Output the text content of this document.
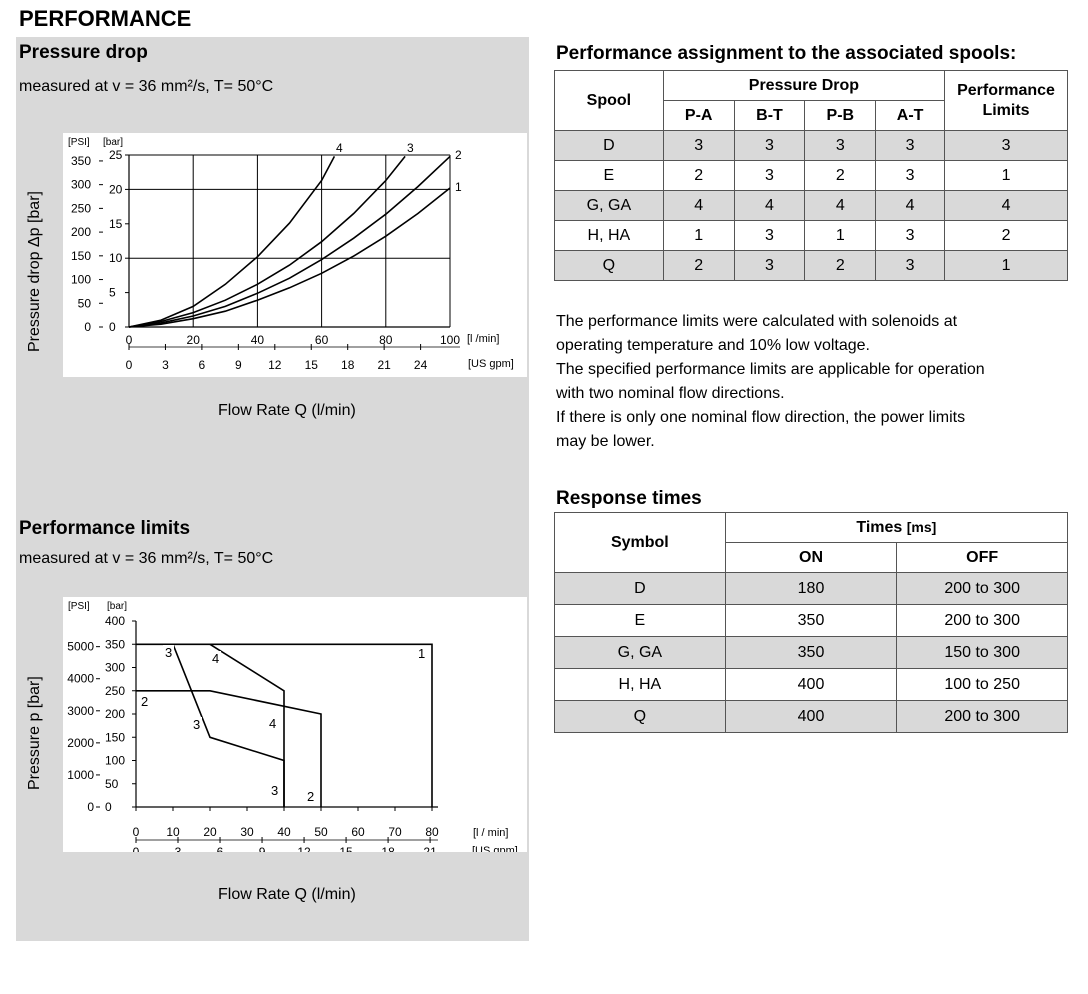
PERFORMANCE
Pressure drop
measured at v = 36 mm²/s, T= 50°C
0	20	40	60	80	100
0
5
10
15
20
25
0
50
100
150
200
250
300
350
0 3 6 9 12 15 18 21 24
[PSI] [bar]
[l /min]
[US gpm]
1
2
3
4
Pressure drop Δp [bar]
Flow Rate Q (l/min)
Performance limits
measured at v = 36 mm²/s, T= 50°C
0
50
100
150
200
250
300
350
400
0
1000
2000
3000
4000
5000
0 10 20 30 40 50 60 70 80
0	3	6	9	12 15 18 21
[PSI] [bar]
[l / min]
[US gpm]
1
3	4
2
3	4
3 2
Pressure p [bar]
Flow Rate Q (l/min)
Performance assignment to the associated spools:
Spool	Pressure Drop				Performance Limits
	P-A	B-T	P-B	A-T	
D	3	3	3	3	3
E	2	3	2	3	1
G, GA	4	4	4	4	4
H, HA	1	3	1	3	2
Q	2	3	2	3	1
The performance limits were calculated with solenoids at
operating temperature and 10% low voltage.
The specified performance limits are applicable for operation
with two nominal flow directions.
If there is only one nominal flow direction, the power limits
may be lower.
Response times
Symbol	Times [ms]	
	ON	OFF
D	180	200 to 300
E	350	200 to 300
G, GA	350	150 to 300
H, HA	400	100 to 250
Q	400	200 to 300
